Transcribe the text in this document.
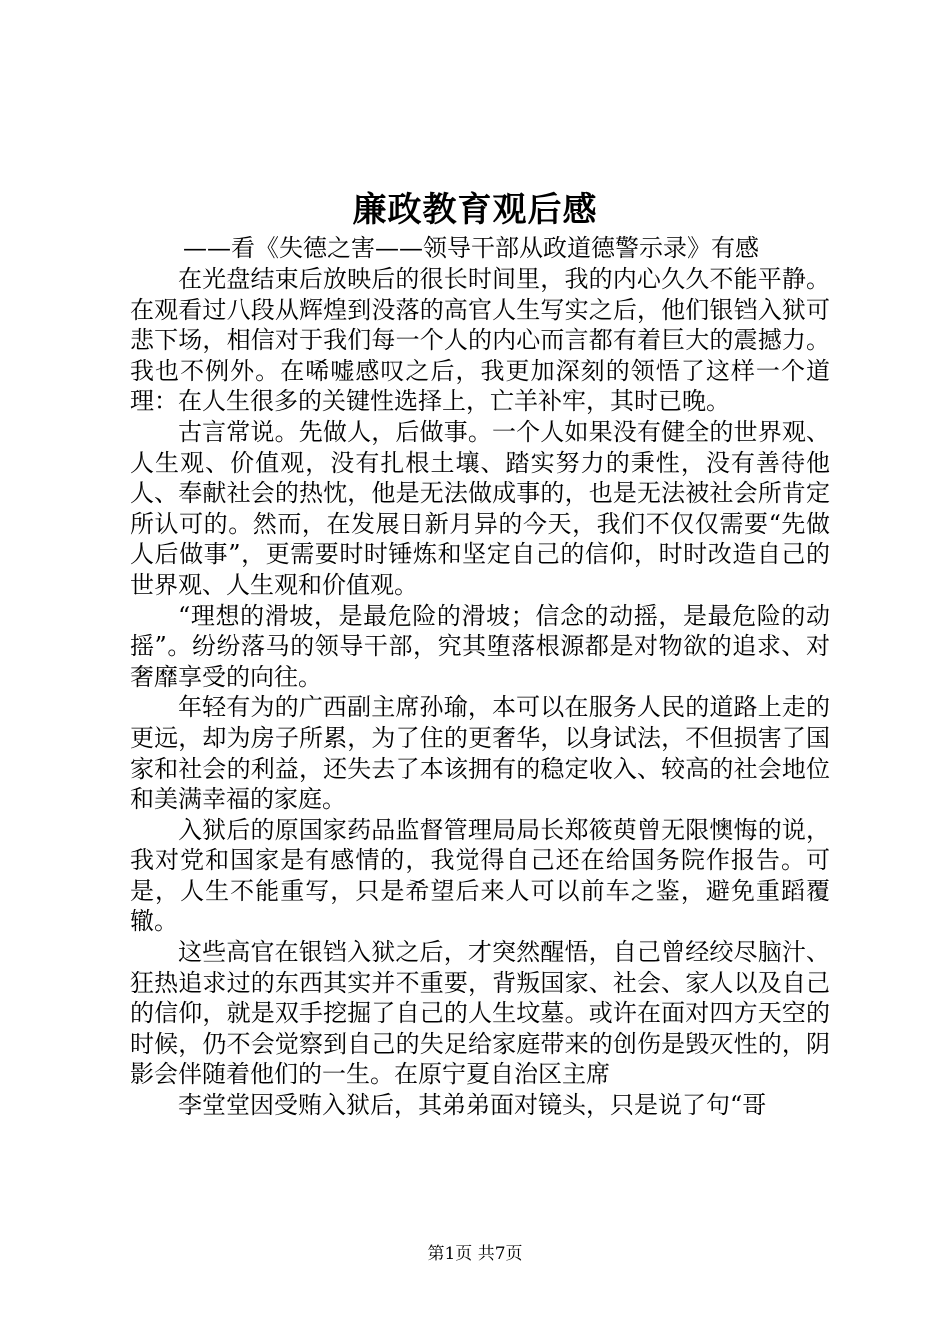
廉政教育观后感
——看《失德之害——领导干部从政道德警示录》有感

在光盘结束后放映后的很长时间里，我的内心久久不能平静。在观看过八段从辉煌到没落的高官人生写实之后，他们银铛入狱可悲下场，相信对于我们每一个人的内心而言都有着巨大的震撼力。我也不例外。在唏嘘感叹之后，我更加深刻的领悟了这样一个道理：在人生很多的关键性选择上，亡羊补牢，其时已晚。

古言常说。先做人，后做事。一个人如果没有健全的世界观、人生观、价值观，没有扎根土壤、踏实努力的秉性，没有善待他人、奉献社会的热忱，他是无法做成事的，也是无法被社会所肯定所认可的。然而，在发展日新月异的今天，我们不仅仅需要“先做人后做事”，更需要时时锤炼和坚定自己的信仰，时时改造自己的世界观、人生观和价值观。

“理想的滑坡，是最危险的滑坡；信念的动摇，是最危险的动摇”。纷纷落马的领导干部，究其堕落根源都是对物欲的追求、对奢靡享受的向往。

年轻有为的广西副主席孙瑜，本可以在服务人民的道路上走的更远，却为房子所累，为了住的更奢华，以身试法，不但损害了国家和社会的利益，还失去了本该拥有的稳定收入、较高的社会地位和美满幸福的家庭。

入狱后的原国家药品监督管理局局长郑筱萸曾无限懊悔的说，我对党和国家是有感情的，我觉得自己还在给国务院作报告。可是，人生不能重写，只是希望后来人可以前车之鉴，避免重蹈覆辙。

这些高官在银铛入狱之后，才突然醒悟，自己曾经绞尽脑汁、狂热追求过的东西其实并不重要，背叛国家、社会、家人以及自己的信仰，就是双手挖掘了自己的人生坟墓。或许在面对四方天空的时候，仍不会觉察到自己的失足给家庭带来的创伤是毁灭性的，阴影会伴随着他们的一生。在原宁夏自治区主席

李堂堂因受贿入狱后，其弟弟面对镜头，只是说了句“哥

第1页 共7页
